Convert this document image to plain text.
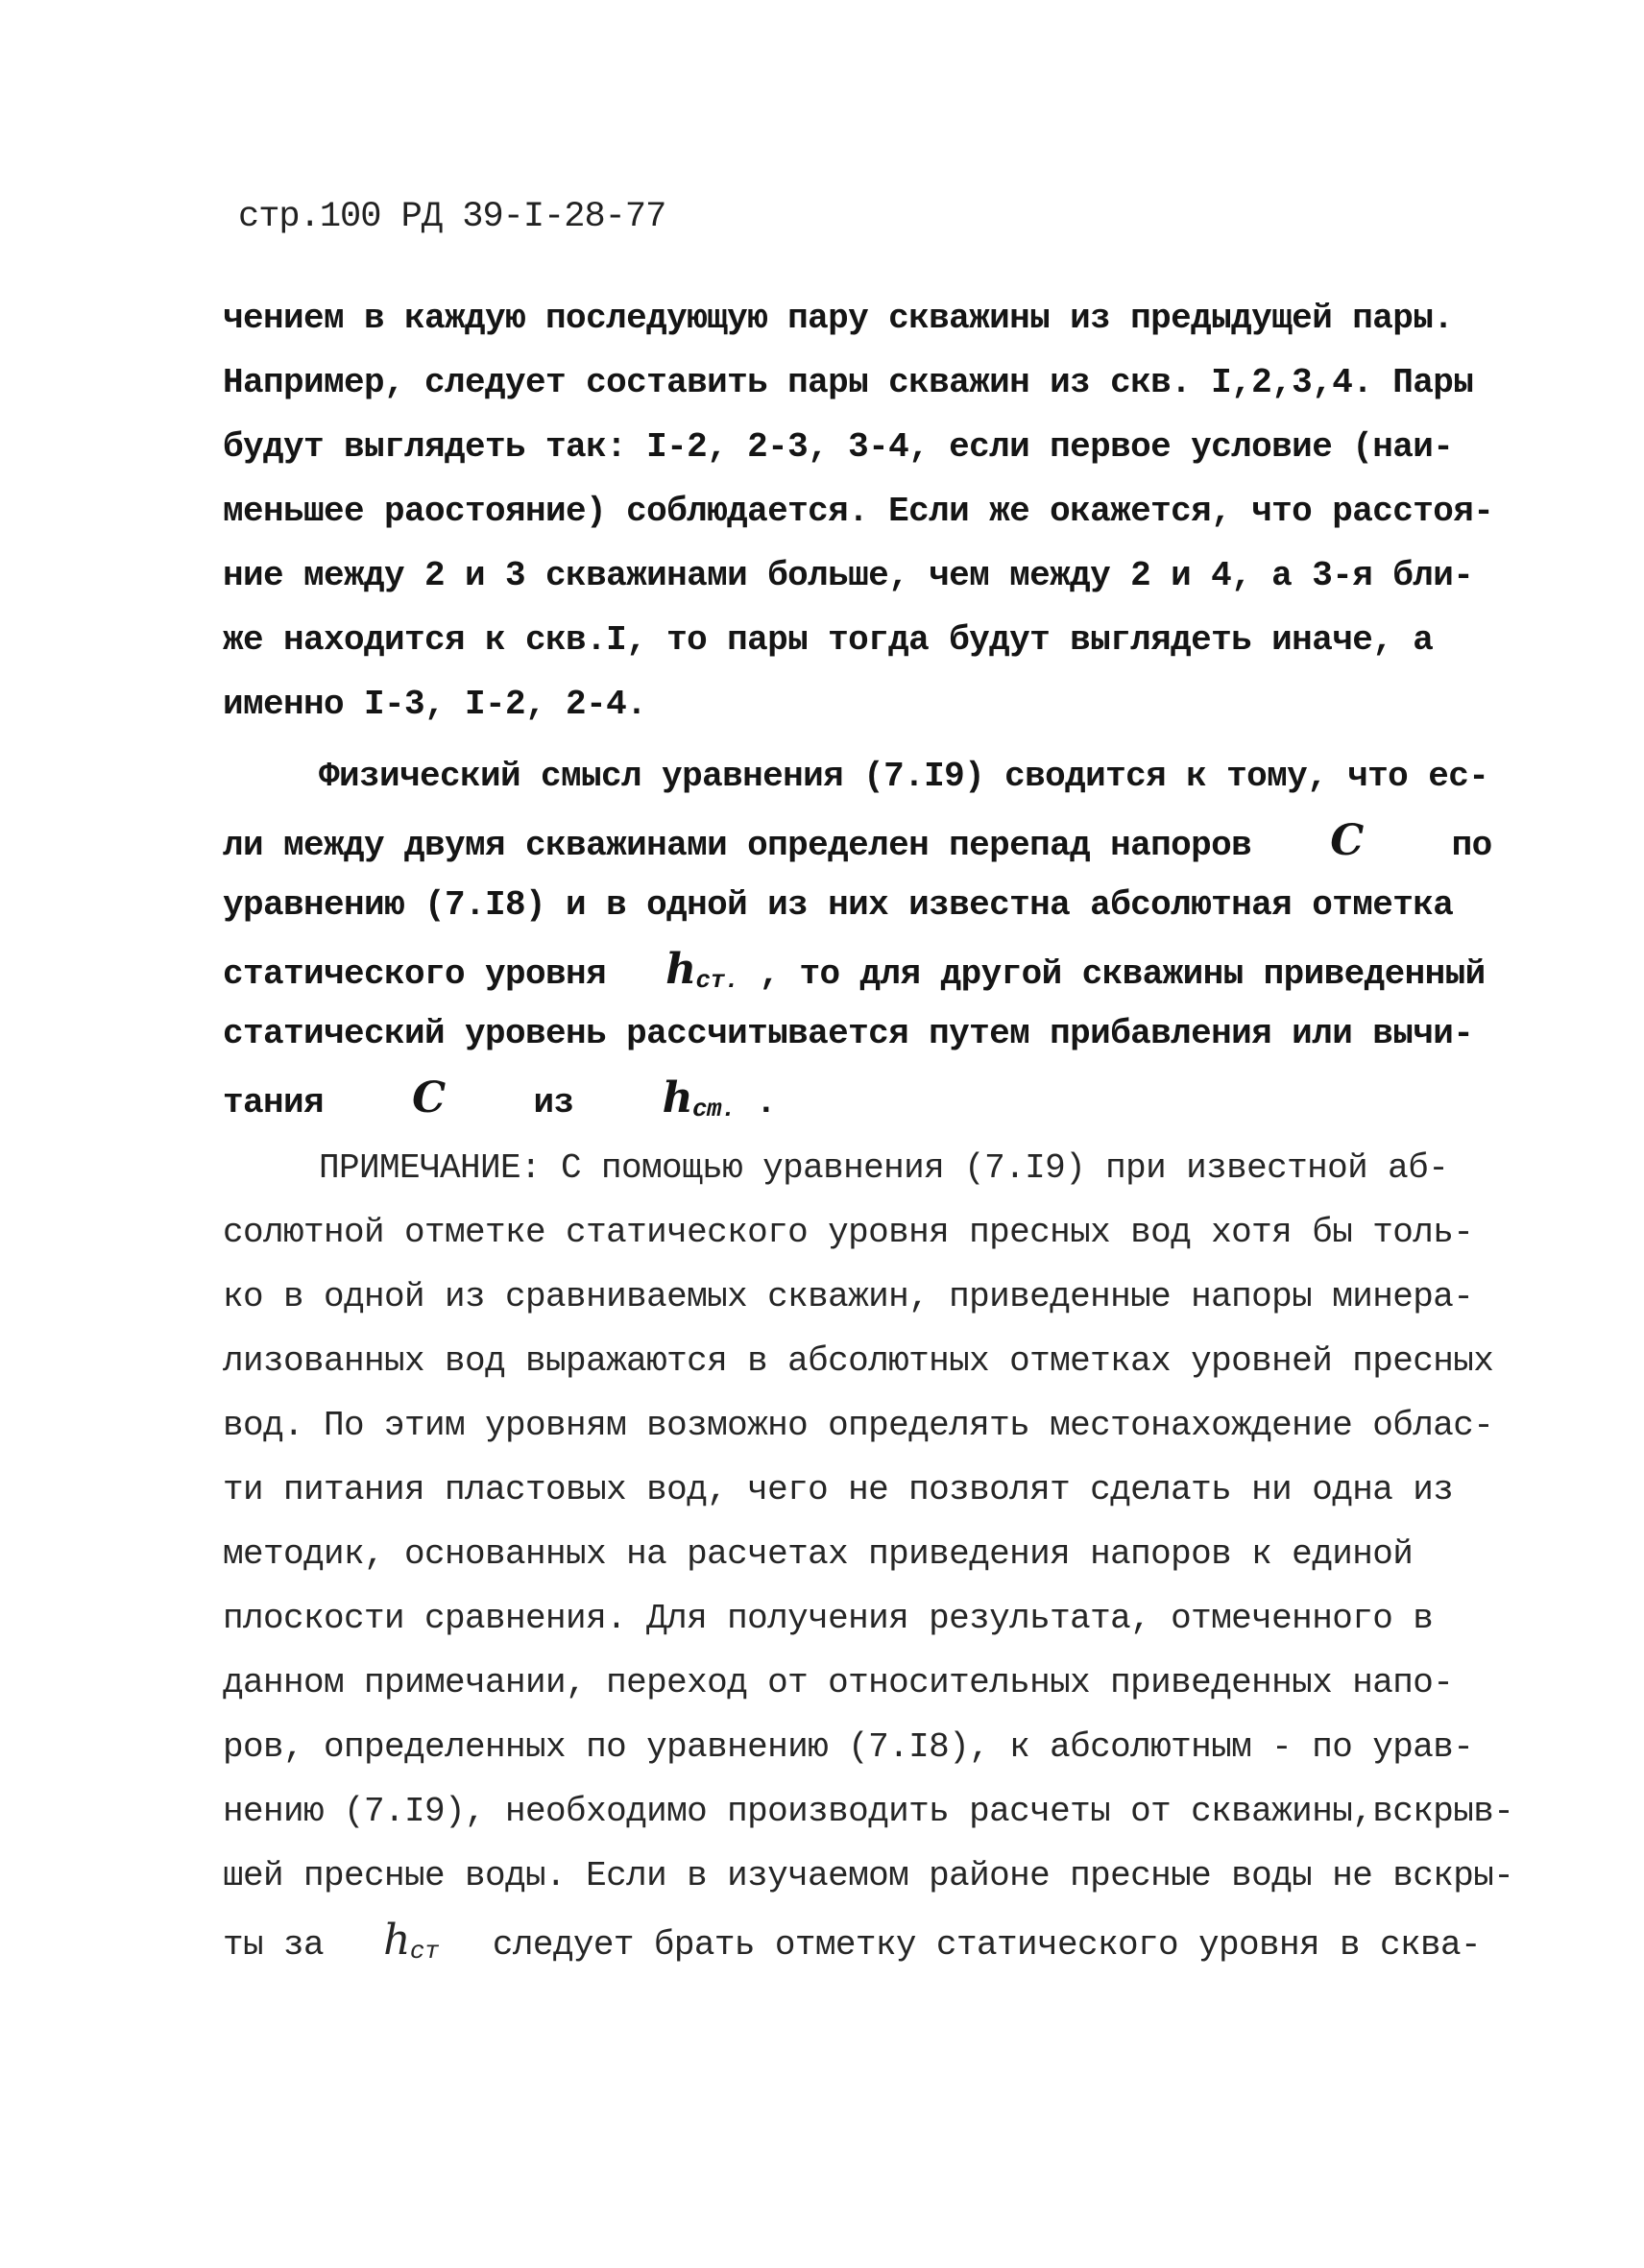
стр.100 РД 39-I-28-77
чением в каждую последующую пару скважины из предыдущей пары.
Например, следует составить пары скважин из скв. I,2,3,4. Пары
будут выглядеть так: I-2, 2-3, 3-4, если первое условие (наи-
меньшее раостояние) соблюдается. Если же окажется, что расстоя-
ние между 2 и 3 скважинами больше, чем между 2 и 4, а 3-я бли-
же находится к скв.I, то пары тогда будут выглядеть иначе, а
именно I-3, I-2, 2-4.
Физический смысл уравнения (7.I9) сводится к тому, что ес-
ли между двумя скважинами определен перепад напоров C	по
уравнению (7.I8) и в одной из них известна абсолютная отметка
статического уровня hст. , то для другой скважины приведенный
статический уровень рассчитывается путем прибавления или вычи-
тания C	из hcm. .
ПРИМЕЧАНИЕ: С помощью уравнения (7.I9) при известной аб-
солютной отметке статического уровня пресных вод хотя бы толь-
ко в одной из сравниваемых скважин, приведенные напоры минера-
лизованных вод выражаются в абсолютных отметках уровней пресных
вод. По этим уровням возможно определять местонахождение облас-
ти питания пластовых вод, чего не позволят сделать ни одна из
методик, основанных на расчетах приведения напоров к единой
плоскости сравнения. Для получения результата, отмеченного в
данном примечании, переход от относительных приведенных напо-
ров, определенных по уравнению (7.I8), к абсолютным - по урав-
нению (7.I9), необходимо производить расчеты от скважины,вскрыв-
шей пресные воды. Если в изучаемом районе пресные воды не вскры-
ты за hст следует брать отметку статического уровня в сква-
